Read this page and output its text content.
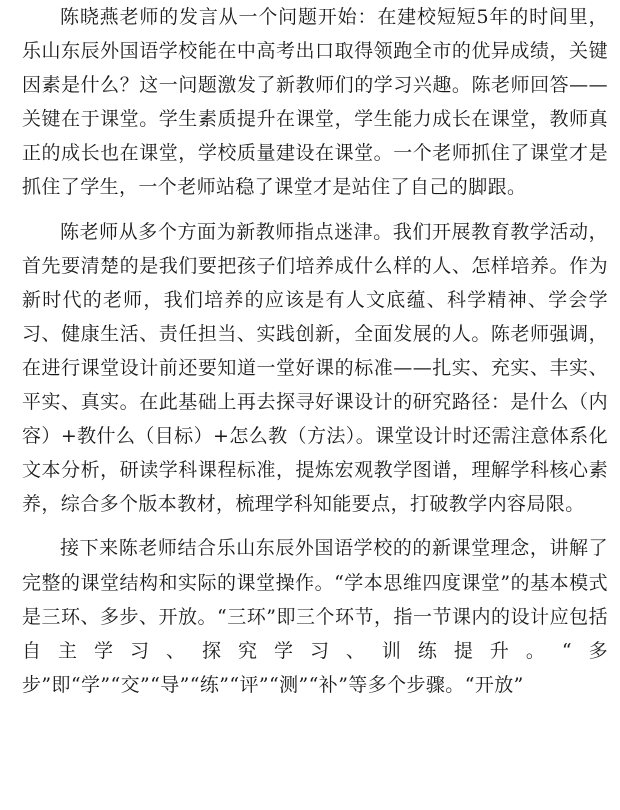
陈晓燕老师的发言从一个问题开始：在建校短短5年的时间里，乐山东辰外国语学校能在中高考出口取得领跑全市的优异成绩，关键因素是什么？这一问题激发了新教师们的学习兴趣。陈老师回答——关键在于课堂。学生素质提升在课堂，学生能力成长在课堂，教师真正的成长也在课堂，学校质量建设在课堂。一个老师抓住了课堂才是抓住了学生，一个老师站稳了课堂才是站住了自己的脚跟。

陈老师从多个方面为新教师指点迷津。我们开展教育教学活动，首先要清楚的是我们要把孩子们培养成什么样的人、怎样培养。作为新时代的老师，我们培养的应该是有人文底蕴、科学精神、学会学习、健康生活、责任担当、实践创新，全面发展的人。陈老师强调，在进行课堂设计前还要知道一堂好课的标准——扎实、充实、丰实、平实、真实。在此基础上再去探寻好课设计的研究路径：是什么（内容）+教什么（目标）+怎么教（方法）。课堂设计时还需注意体系化文本分析，研读学科课程标准，提炼宏观教学图谱，理解学科核心素养，综合多个版本教材，梳理学科知能要点，打破教学内容局限。

接下来陈老师结合乐山东辰外国语学校的的新课堂理念，讲解了完整的课堂结构和实际的课堂操作。“学本思维四度课堂”的基本模式是三环、多步、开放。“三环”即三个环节，指一节课内的设计应包括自主学习、探究学习、训练提升。“多步”即“学”“交”“导”“练”“评”“测”“补”等多个步骤。“开放”
